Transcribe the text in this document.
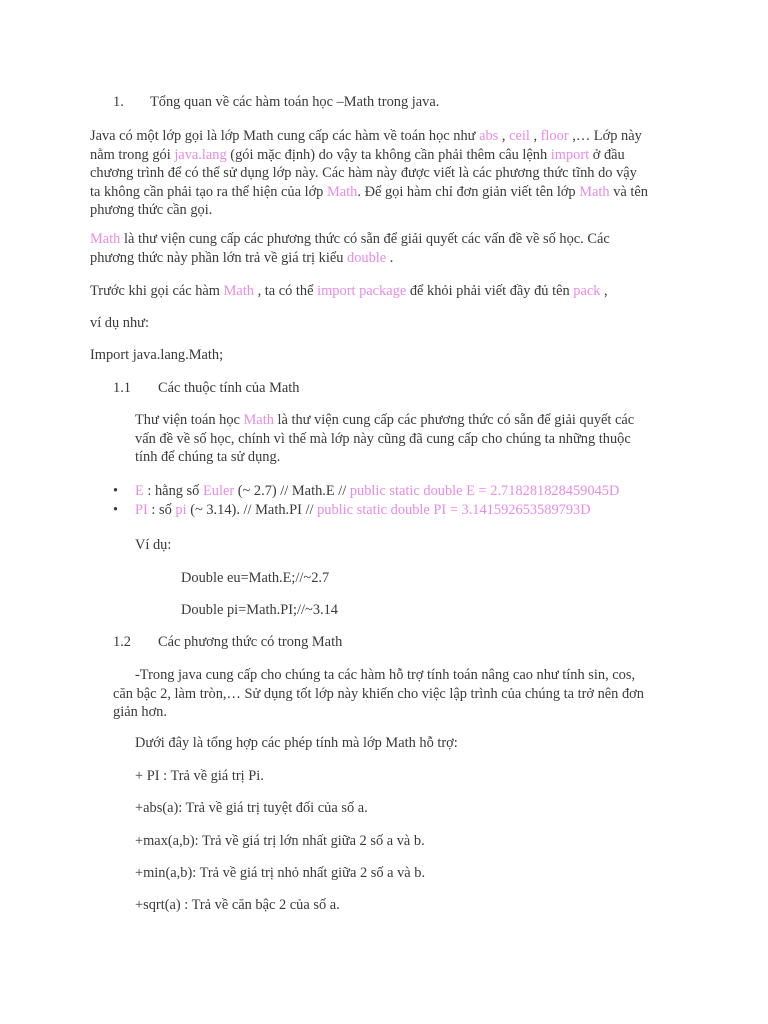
1. Tổng quan về các hàm toán học –Math trong java.
Java có một lớp gọi là lớp Math cung cấp các hàm về toán học như abs , ceil , floor ,… Lớp này
nằm trong gói java.lang (gói mặc định) do vậy ta không cần phải thêm câu lệnh import ở đầu
chương trình để có thể sử dụng lớp này. Các hàm này được viết là các phương thức tĩnh do vậy
ta không cần phải tạo ra thể hiện của lớp Math. Để gọi hàm chỉ đơn giản viết tên lớp Math và tên
phương thức cần gọi.
Math là thư viện cung cấp các phương thức có sẵn để giải quyết các vấn đề về số học. Các
phương thức này phần lớn trả về giá trị kiểu double .
Trước khi gọi các hàm Math , ta có thể import package để khỏi phải viết đầy đủ tên pack ,
ví dụ như:
Import java.lang.Math;
1.1 Các thuộc tính của Math
Thư viện toán học Math là thư viện cung cấp các phương thức có sẵn để giải quyết các
vấn đề về số học, chính vì thế mà lớp này cũng đã cung cấp cho chúng ta những thuộc
tính để chúng ta sử dụng.
• E : hằng số Euler (~ 2.7) // Math.E // public static double E = 2.718281828459045D
• PI : số pi (~ 3.14). // Math.PI // public static double PI = 3.141592653589793D
Ví dụ:
Double eu=Math.E;//~2.7
Double pi=Math.PI;//~3.14
1.2 Các phương thức có trong Math
-Trong java cung cấp cho chúng ta các hàm hỗ trợ tính toán nâng cao như tính sin, cos,
căn bậc 2, làm tròn,… Sử dụng tốt lớp này khiến cho việc lập trình của chúng ta trở nên đơn
giản hơn.
Dưới đây là tổng hợp các phép tính mà lớp Math hỗ trợ:
+ PI : Trả về giá trị Pi.
+abs(a): Trả về giá trị tuyệt đối của số a.
+max(a,b): Trả về giá trị lớn nhất giữa 2 số a và b.
+min(a,b): Trả về giá trị nhỏ nhất giữa 2 số a và b.
+sqrt(a) : Trả về căn bậc 2 của số a.
